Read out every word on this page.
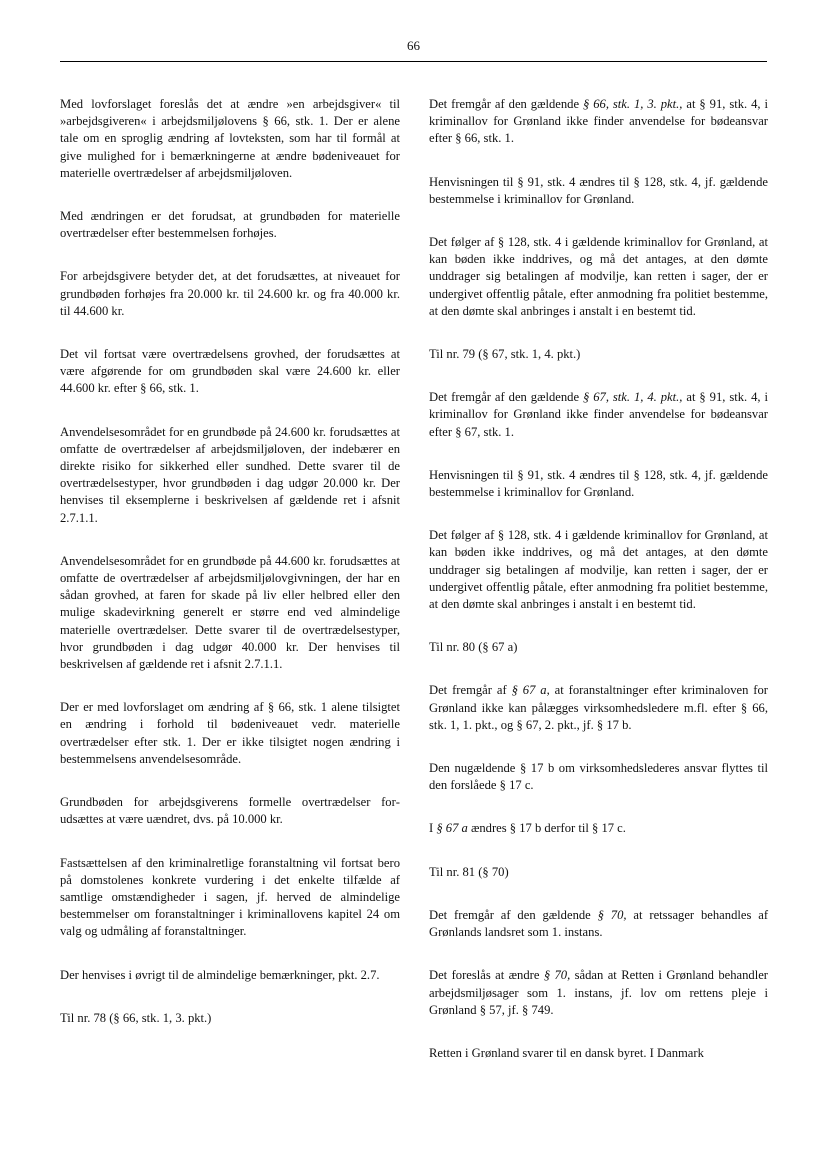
66

Med lovforslaget foreslås det at ændre »en arbejdsgiver« til »arbejdsgiveren« i arbejdsmiljølovens § 66, stk. 1. Der er alene tale om en sproglig ændring af lovteksten, som har til formål at give mulighed for i bemærkningerne at ændre bødeniveauet for materielle overtrædelser af arbejdsmiljøloven.

Med ændringen er det forudsat, at grundbøden for materielle overtrædelser efter bestemmelsen forhøjes.

For arbejdsgivere betyder det, at det forudsættes, at niveauet for grundbøden forhøjes fra 20.000 kr. til 24.600 kr. og fra 40.000 kr. til 44.600 kr.

Det vil fortsat være overtrædelsens grovhed, der forudsættes at være afgørende for om grundbøden skal være 24.600 kr. eller 44.600 kr. efter § 66, stk. 1.

Anvendelsesområdet for en grundbøde på 24.600 kr. forudsættes at omfatte de overtrædelser af arbejdsmiljøloven, der indebærer en direkte risiko for sikkerhed eller sundhed. Dette svarer til de overtrædelsestyper, hvor grundbøden i dag udgør 20.000 kr. Der henvises til eksemplerne i beskrivelsen af gældende ret i afsnit 2.7.1.1.

Anvendelsesområdet for en grundbøde på 44.600 kr. forudsættes at omfatte de overtrædelser af arbejdsmiljølovgivningen, der har en sådan grovhed, at faren for skade på liv eller helbred eller den mulige skadevirkning generelt er større end ved almindelige materielle overtrædelser. Dette svarer til de overtrædelsestyper, hvor grundbøden i dag udgør 40.000 kr. Der henvises til beskrivelsen af gældende ret i afsnit 2.7.1.1.

Der er med lovforslaget om ændring af § 66, stk. 1 alene tilsigtet en ændring i forhold til bødeniveauet vedr. materielle overtrædelser efter stk. 1. Der er ikke tilsigtet nogen ændring i bestemmelsens anvendelsesområde.

Grundbøden for arbejdsgiverens formelle overtrædelser forudsættes at være uændret, dvs. på 10.000 kr.

Fastsættelsen af den kriminalretlige foranstaltning vil fortsat bero på domstolenes konkrete vurdering i det enkelte tilfælde af samtlige omstændigheder i sagen, jf. herved de almindelige bestemmelser om foranstaltninger i kriminallovens kapitel 24 om valg og udmåling af foranstaltninger.

Der henvises i øvrigt til de almindelige bemærkninger, pkt. 2.7.

Til nr. 78 (§ 66, stk. 1, 3. pkt.)

Det fremgår af den gældende § 66, stk. 1, 3. pkt., at § 91, stk. 4, i kriminallov for Grønland ikke finder anvendelse for bødeansvar efter § 66, stk. 1.

Henvisningen til § 91, stk. 4 ændres til § 128, stk. 4, jf. gældende bestemmelse i kriminallov for Grønland.

Det følger af § 128, stk. 4 i gældende kriminallov for Grønland, at kan bøden ikke inddrives, og må det antages, at den dømte unddrager sig betalingen af modvilje, kan retten i sager, der er undergivet offentlig påtale, efter anmodning fra politiet bestemme, at den dømte skal anbringes i anstalt i en bestemt tid.

Til nr. 79 (§ 67, stk. 1, 4. pkt.)

Det fremgår af den gældende § 67, stk. 1, 4. pkt., at § 91, stk. 4, i kriminallov for Grønland ikke finder anvendelse for bødeansvar efter § 67, stk. 1.

Henvisningen til § 91, stk. 4 ændres til § 128, stk. 4, jf. gældende bestemmelse i kriminallov for Grønland.

Det følger af § 128, stk. 4 i gældende kriminallov for Grønland, at kan bøden ikke inddrives, og må det antages, at den dømte unddrager sig betalingen af modvilje, kan retten i sager, der er undergivet offentlig påtale, efter anmodning fra politiet bestemme, at den dømte skal anbringes i anstalt i en bestemt tid.

Til nr. 80 (§ 67 a)

Det fremgår af § 67 a, at foranstaltninger efter kriminaloven for Grønland ikke kan pålægges virksomhedsledere m.fl. efter § 66, stk. 1, 1. pkt., og § 67, 2. pkt., jf. § 17 b.

Den nugældende § 17 b om virksomhedslederes ansvar flyttes til den forslåede § 17 c.

I § 67 a ændres § 17 b derfor til § 17 c.

Til nr. 81 (§ 70)

Det fremgår af den gældende § 70, at retssager behandles af Grønlands landsret som 1. instans.

Det foreslås at ændre § 70, sådan at Retten i Grønland behandler arbejdsmiljøsager som 1. instans, jf. lov om rettens pleje i Grønland § 57, jf. § 749.

Retten i Grønland svarer til en dansk byret. I Danmark
